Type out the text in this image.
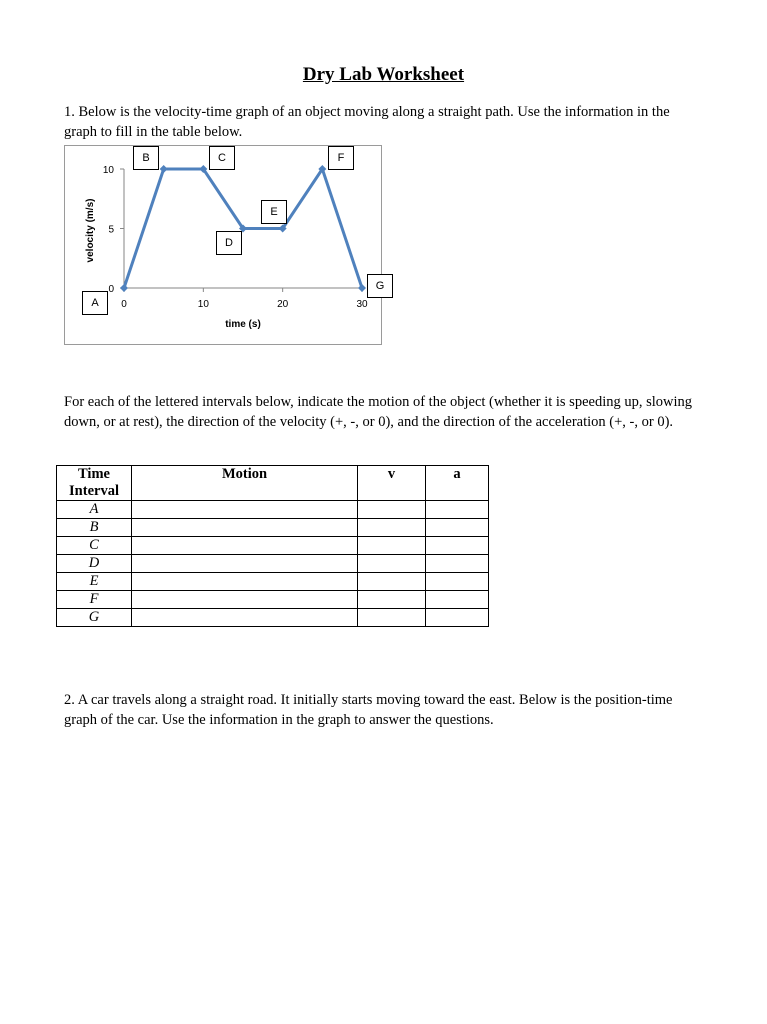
Dry Lab Worksheet
1. Below is the velocity-time graph of an object moving along a straight path. Use the information in the graph to fill in the table below.
0
5
10
0	10	20	30
time (s)
velocity (m/s)
A
B	C
D
E
F
G
For each of the lettered intervals below, indicate the motion of the object (whether it is speeding up, slowing down, or at rest), the direction of the velocity (+, -, or 0), and the direction of the acceleration (+, -, or 0).
Time Interval	Motion	v	a
A			
B			
C			
D			
E			
F			
G			
2. A car travels along a straight road. It initially starts moving toward the east. Below is the position-time graph of the car. Use the information in the graph to answer the questions.
